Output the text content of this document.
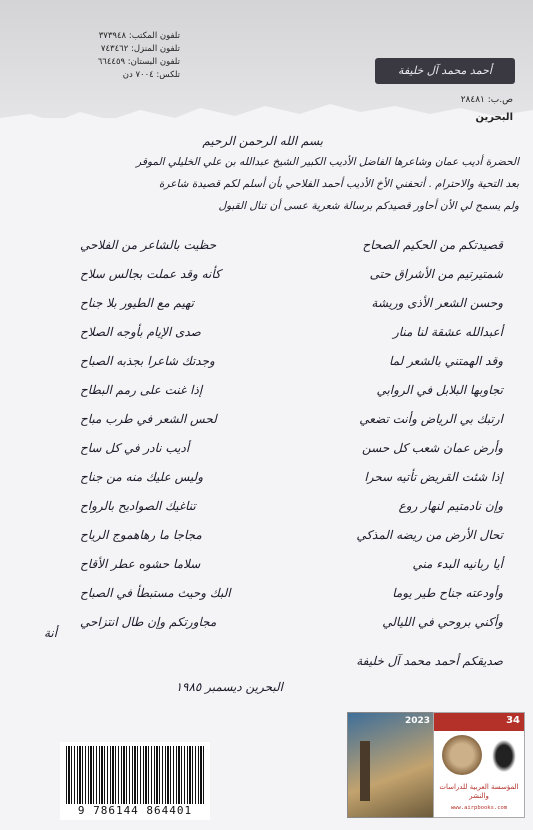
تلفون المكتب: ٣٧٣٩٤٨
تلفون المنزل: ٧٤٣٤٦٢
تلفون البستان: ٦٦٤٤٥٩
تلكس: ٧٠٠٤ دن	أحمد محمد آل خليفة
ص.ب: ٢٨٤٨١
البحرين
بسم الله الرحمن الرحيم
الحضرة أديب عمان وشاعرها الفاضل الأديب الكبير الشيخ عبدالله بن علي الخليلي الموقر
بعد التحية والاحترام . أتحفني الأخ الأديب أحمد الفلاحي بأن أسلم لكم قصيدة شاعرة
ولم يسمح لي الأن أحاور قصيدكم برسالة شعرية عسى أن تنال القبول
حظيت بالشاعر من الفلاحي	قصيدتكم من الحكيم الصحاح
كأنه وقد عملت بجالس سلاح	شمتيرتيم من الأشراق حتى
تهيم مع الطيور بلا جناح	وحسن الشعر الأذى وريشة
صدى الإيام بأوجه الصلاح	أعبدالله عشقة لنا منار
وجدتك شاعرا بجذبه الصباح	وقد الهمتني بالشعر لما
إذا غنت على رمم البطاح	تجاوبها البلابل في الروابي
لحس الشعر في طرب مباح	ارتبك بي الرياض وأنت تضعي
أديب نادر في كل ساح	وأرض عمان شعب كل حسن
وليس عليك منه من جناح	إذا شئت القريض تأتيه سحرا
تناغيك الصواديح بالرواح	وإن نادمتيم لنهار روع
مجاجا ما رهاهموج الرياح	تحال الأرض من ريضه المذكي
سلاما حشوه عطر الأقاح	أيا ربانيه البدء مني
البك وحيث مستبطأ في الصباح	وأودعته جناح طير يوما
مجاورتكم وإن طال انتزاحي	وأكني بروحي في الليالي
صديقكم أحمد محمد آل خليفة
البحرين ديسمبر ١٩٨٥
أنة
9 786144 864401
2023	34
المؤسسة العربية للدراسات والنشر
www.airpbooks.com
